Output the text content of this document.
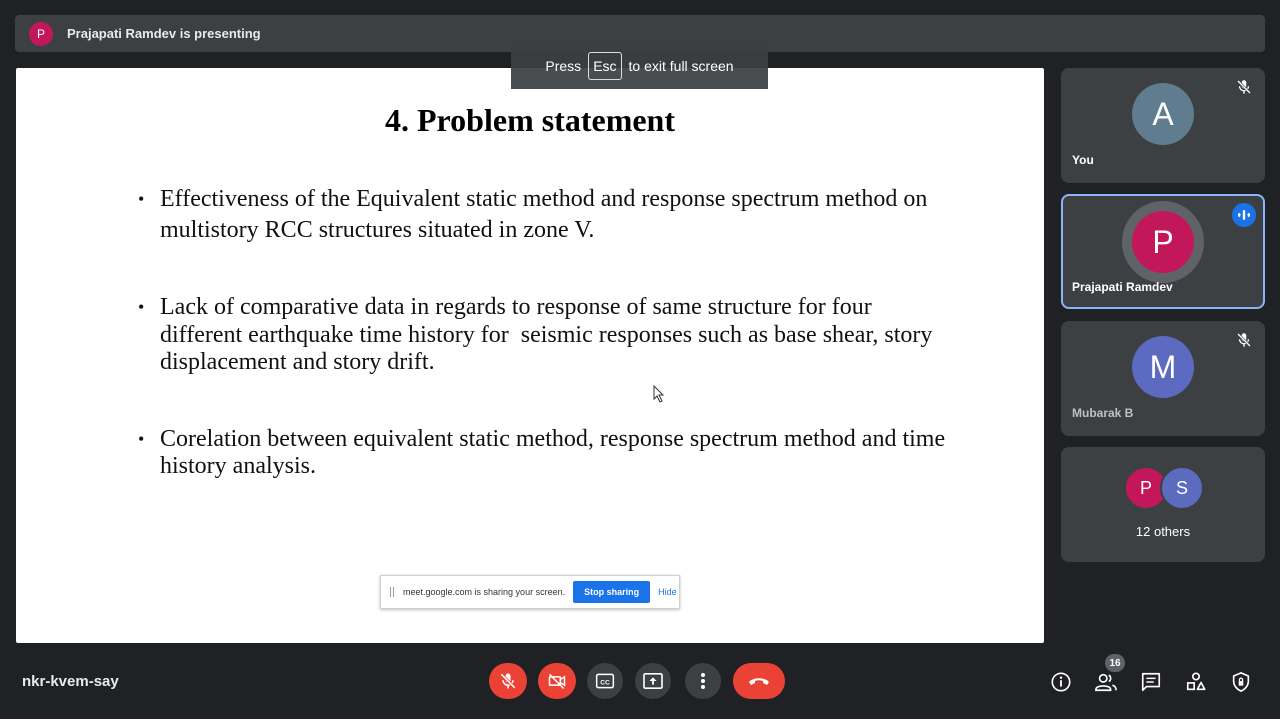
P	Prajapati Ramdev is presenting
4. Problem statement
• Effectiveness of the Equivalent static method and response spectrum method on
multistory RCC structures situated in zone V.
• Lack of comparative data in regards to response of same structure for four
different earthquake time history for  seismic responses such as base shear, story
displacement and story drift.
• Corelation between equivalent static method, response spectrum method and time
history analysis.
meet.google.com is sharing your screen.	Stop sharing	Hide
Press Esc to exit full screen
A
You
P
Prajapati Ramdev
M
Mubarak B
P	S
12 others
nkr-kvem-say	CC
16
